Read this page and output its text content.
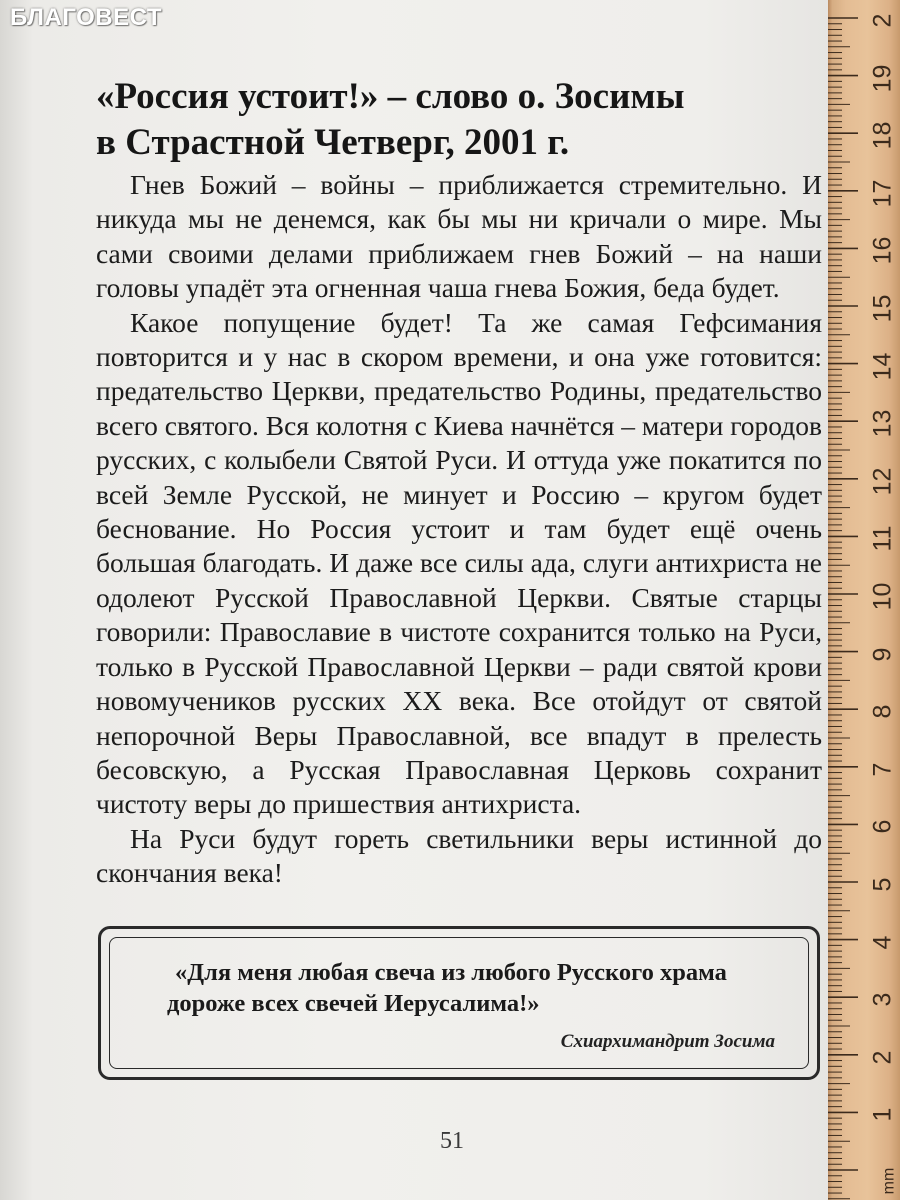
БЛАГОВЕСТ
«Россия устоит!» – слово о. Зосимы
в Страстной Четверг, 2001 г.

Гнев Божий – войны – приближается стремительно. И никуда мы не денемся, как бы мы ни кричали о мире. Мы сами своими делами приближаем гнев Божий – на наши головы упадёт эта огненная чаша гнева Божия, беда будет.

Какое попущение будет! Та же самая Гефсимания повторится и у нас в скором времени, и она уже готовится: предательство Церкви, предательство Родины, предательство всего святого. Вся колотня с Киева начнётся – матери городов русских, с колыбели Святой Руси. И оттуда уже покатится по всей Земле Русской, не минует и Россию – кругом будет беснование. Но Россия устоит и там будет ещё очень большая благодать. И даже все силы ада, слуги антихриста не одолеют Русской Православной Церкви. Святые старцы говорили: Православие в чистоте сохранится только на Руси, только в Русской Православной Церкви – ради святой крови новомучеников русских XX века. Все отойдут от святой непорочной Веры Православной, все впадут в прелесть бесовскую, а Русская Православная Церковь сохранит чистоту веры до пришествия антихриста.

На Руси будут гореть светильники веры истинной до скончания века!

«Для меня любая свеча из любого Русского храма дороже всех свечей Иерусалима!»

Схиархимандрит Зосима
51
2
19
18
17
16
15
14
13
12
11
10
9
8
7
6
5
4
3
2
1
mm
